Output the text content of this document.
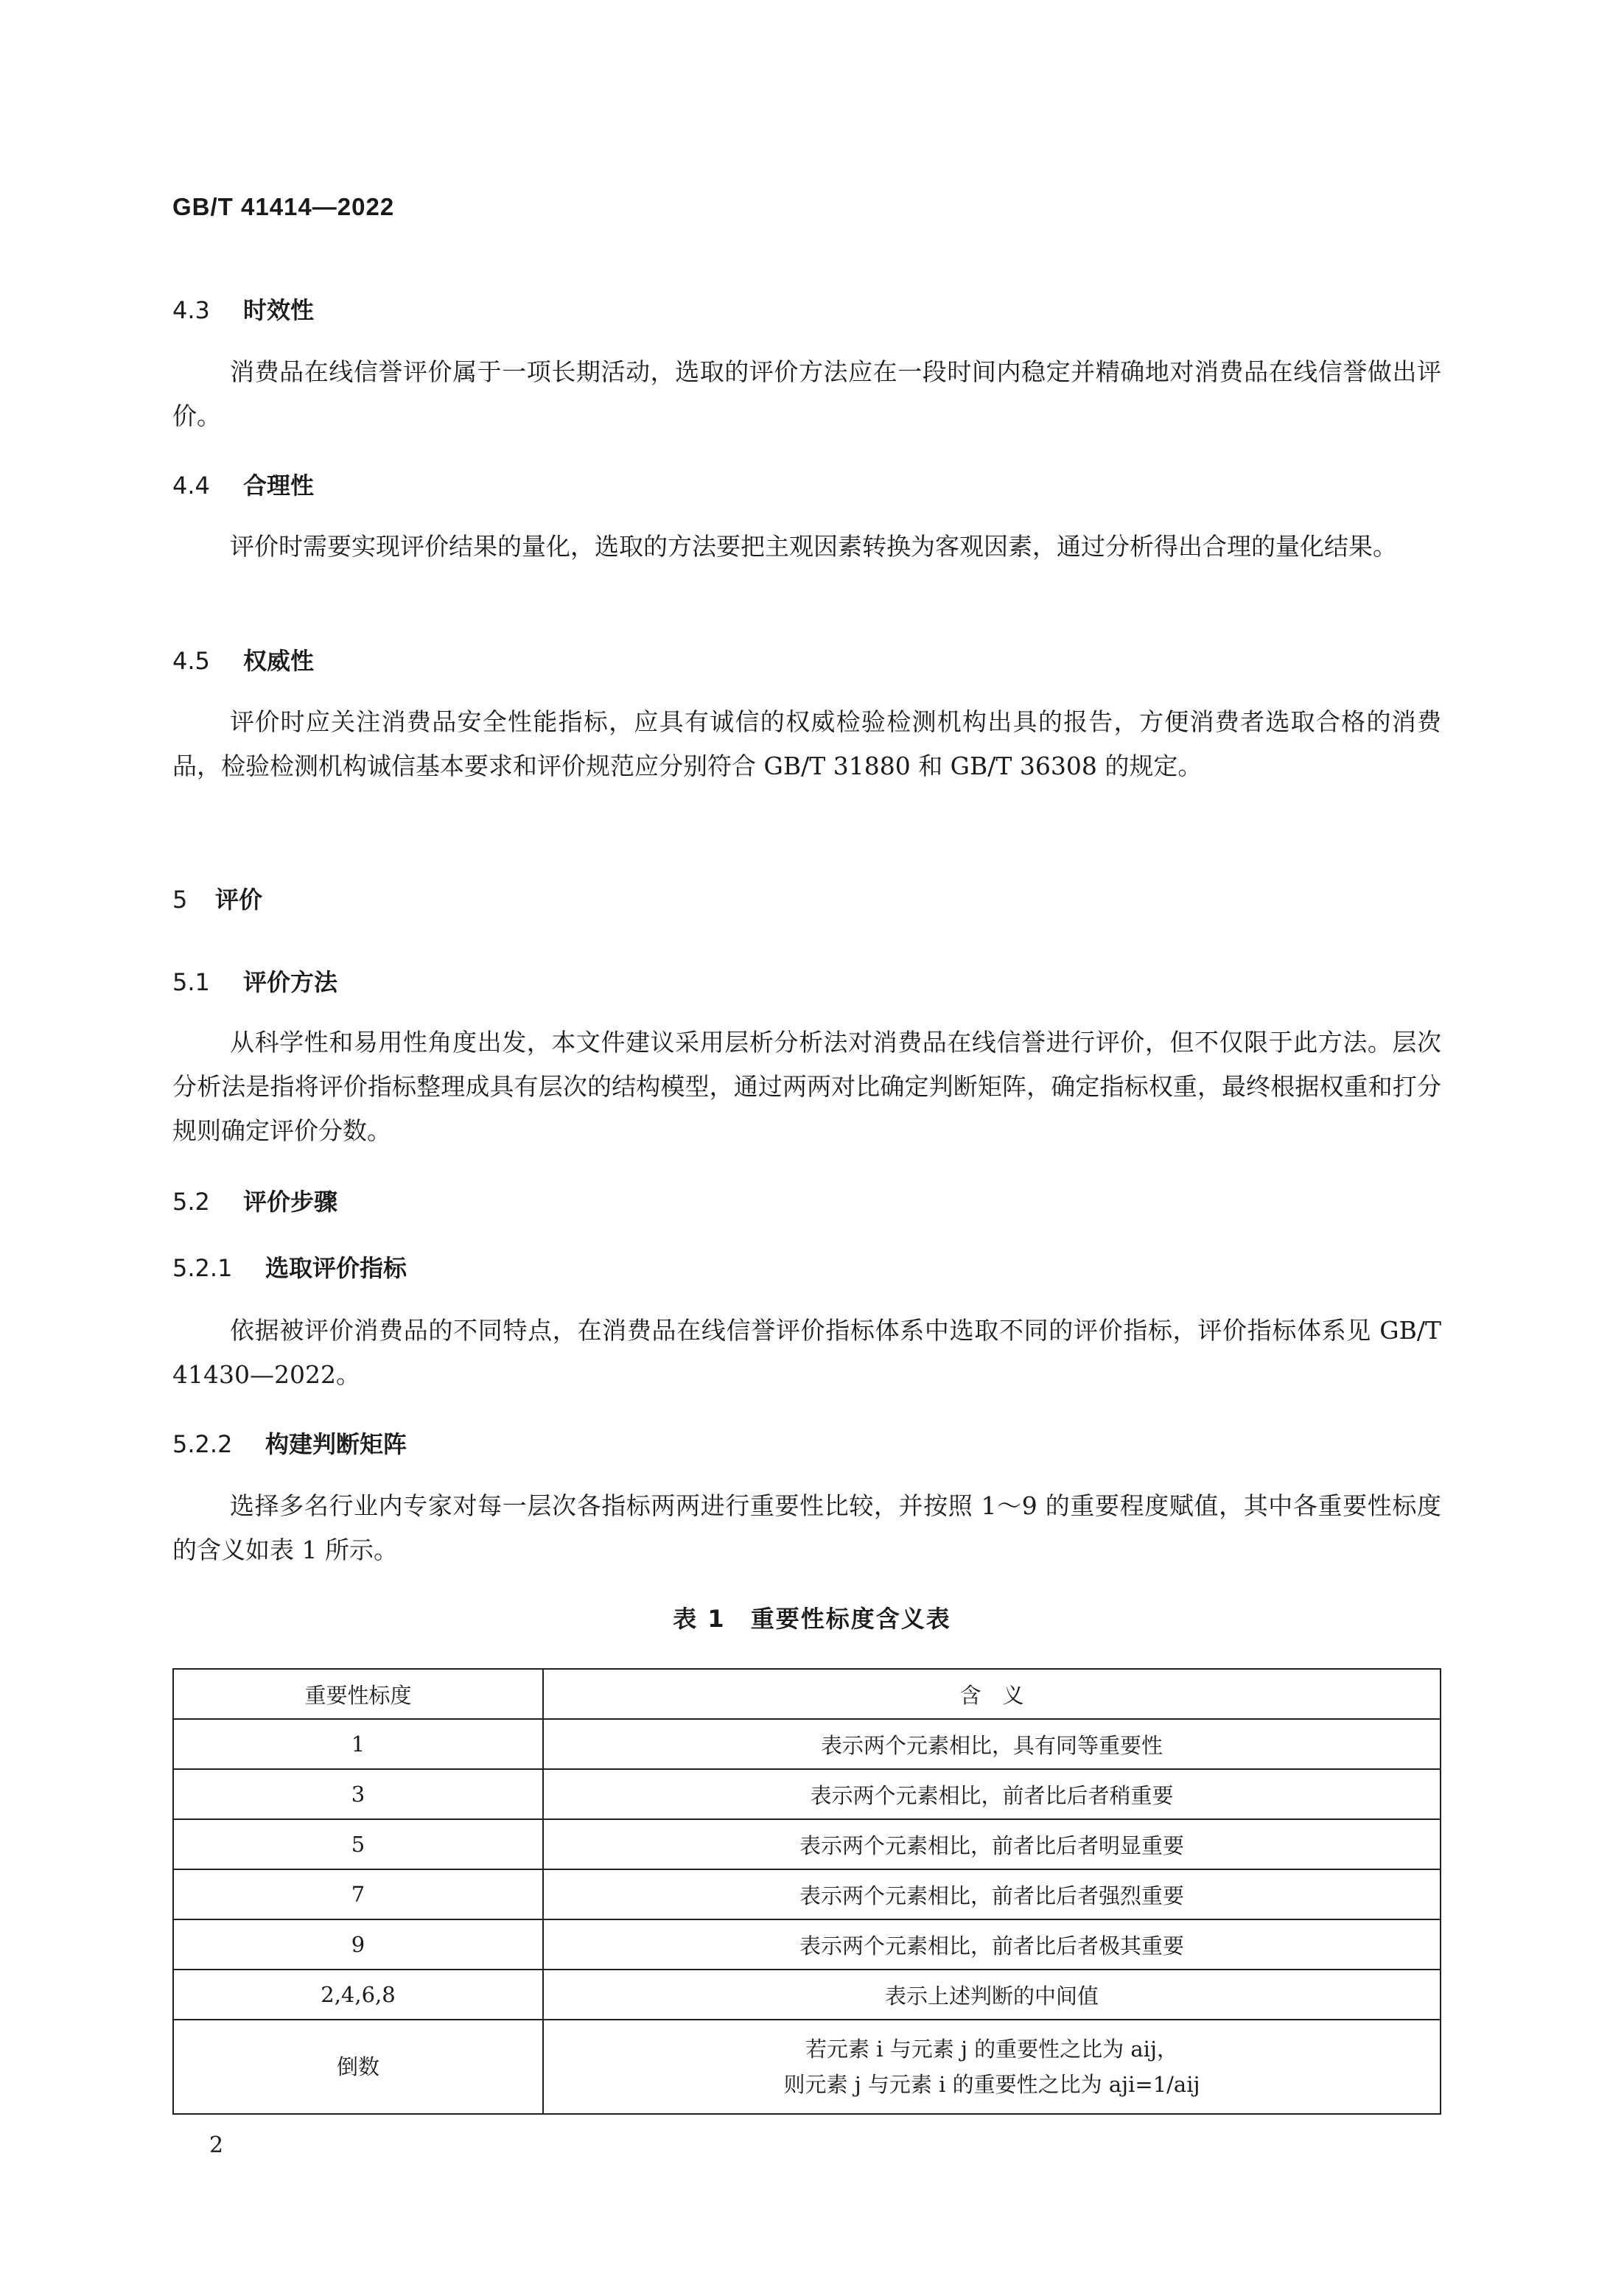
GB/T 41414—2022
4.3 时效性

消费品在线信誉评价属于一项长期活动，选取的评价方法应在一段时间内稳定并精确地对消费品在线信誉做出评价。

4.4 合理性

评价时需要实现评价结果的量化，选取的方法要把主观因素转换为客观因素，通过分析得出合理的量化结果。

4.5 权威性

评价时应关注消费品安全性能指标，应具有诚信的权威检验检测机构出具的报告，方便消费者选取合格的消费品，检验检测机构诚信基本要求和评价规范应分别符合 GB/T 31880 和 GB/T 36308 的规定。

5 评价
5.1 评价方法

从科学性和易用性角度出发，本文件建议采用层析分析法对消费品在线信誉进行评价，但不仅限于此方法。层次分析法是指将评价指标整理成具有层次的结构模型，通过两两对比确定判断矩阵，确定指标权重，最终根据权重和打分规则确定评价分数。

5.2 评价步骤
5.2.1 选取评价指标

依据被评价消费品的不同特点，在消费品在线信誉评价指标体系中选取不同的评价指标，评价指标体系见 GB/T 41430—2022。

5.2.2 构建判断矩阵

选择多名行业内专家对每一层次各指标两两进行重要性比较，并按照 1～9 的重要程度赋值，其中各重要性标度的含义如表 1 所示。

表 1　重要性标度含义表
重要性标度	含　义
1	表示两个元素相比，具有同等重要性
3	表示两个元素相比，前者比后者稍重要
5	表示两个元素相比，前者比后者明显重要
7	表示两个元素相比，前者比后者强烈重要
9	表示两个元素相比，前者比后者极其重要
2,4,6,8	表示上述判断的中间值
倒数	若元素 i 与元素 j 的重要性之比为 aij，
则元素 j 与元素 i 的重要性之比为 aji=1/aij
2
